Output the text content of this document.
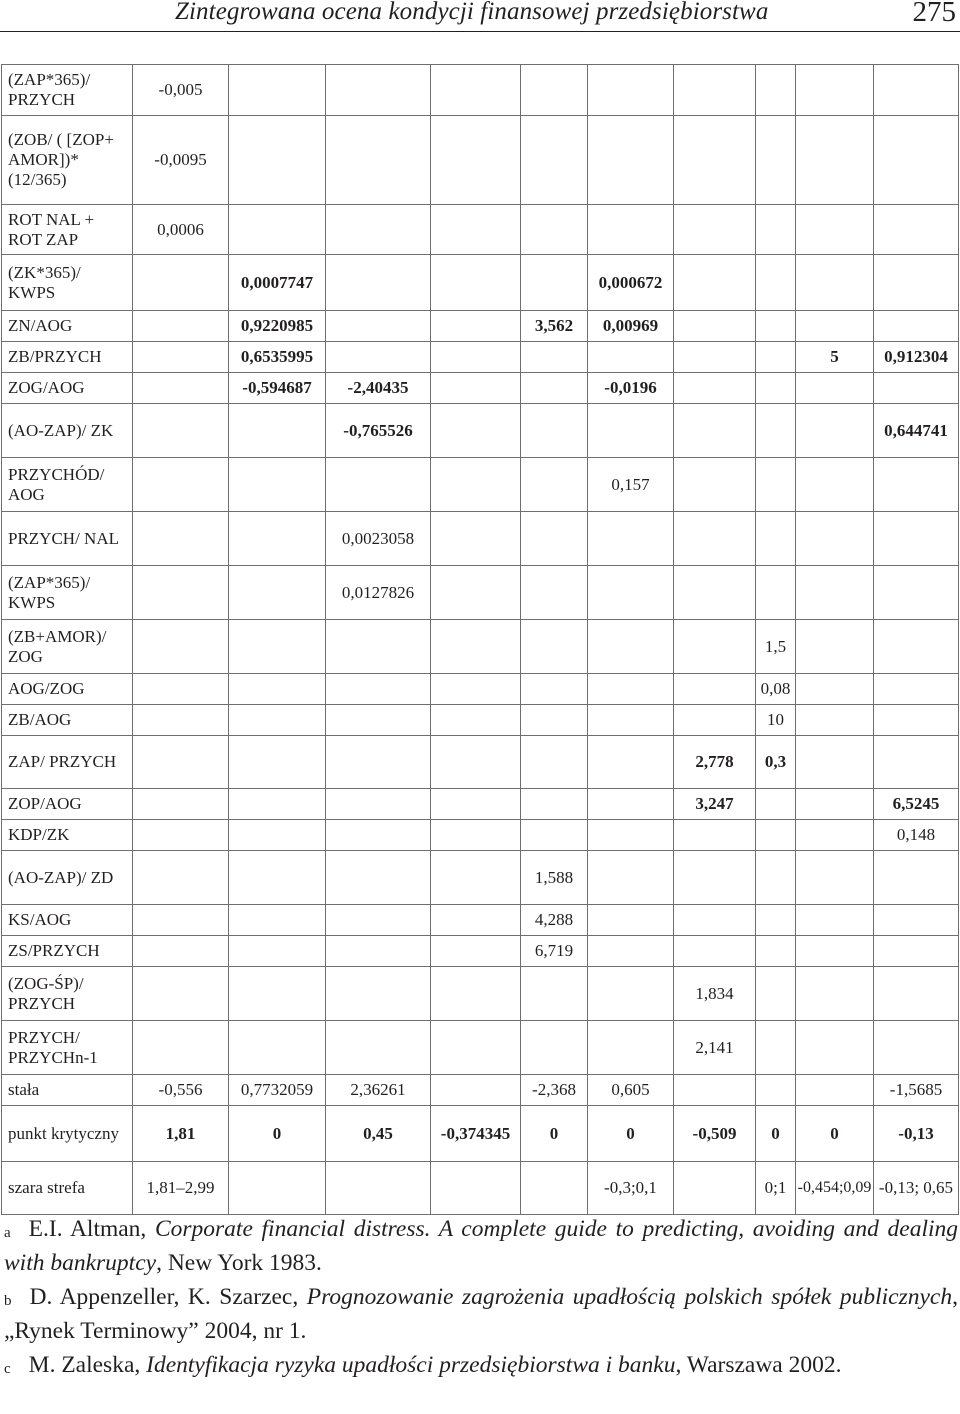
Zintegrowana ocena kondycji finansowej przedsiębiorstwa	275
(ZAP*365)/ PRZYCH	-0,005									
(ZOB/ ( [ZOP+ AMOR])* (12/365)	-0,0095									
ROT NAL + ROT ZAP	0,0006									
(ZK*365)/ KWPS		0,0007747				0,000672				
ZN/AOG		0,9220985			3,562	0,00969				
ZB/PRZYCH		0,6535995							5	0,912304
ZOG/AOG		-0,594687	-2,40435			-0,0196				
(AO-ZAP)/ ZK			-0,765526							0,644741
PRZYCHÓD/ AOG						0,157				
PRZYCH/ NAL			0,0023058							
(ZAP*365)/ KWPS			0,0127826							
(ZB+AMOR)/ ZOG								1,5		
AOG/ZOG								0,08		
ZB/AOG								10		
ZAP/ PRZYCH							2,778	0,3		
ZOP/AOG							3,247			6,5245
KDP/ZK										0,148
(AO-ZAP)/ ZD					1,588					
KS/AOG					4,288					
ZS/PRZYCH					6,719					
(ZOG-ŚP)/ PRZYCH							1,834			
PRZYCH/ PRZYCHn-1							2,141			
stała	-0,556	0,7732059	2,36261		-2,368	0,605				-1,5685
punkt krytyczny	1,81	0	0,45	-0,374345	0	0	-0,509	0	0	-0,13
szara strefa	1,81–2,99					-0,3;0,1		0;1	-0,454;0,09	-0,13; 0,65

$^a$ E.I. Altman, Corporate financial distress. A complete guide to predicting, avoiding and dealing with bankruptcy, New York 1983.

$^b$ D. Appenzeller, K. Szarzec, Prognozowanie zagrożenia upadłością polskich spółek publicznych, „Rynek Terminowy” 2004, nr 1.

$^c$ M. Zaleska, Identyfikacja ryzyka upadłości przedsiębiorstwa i banku, Warszawa 2002.
